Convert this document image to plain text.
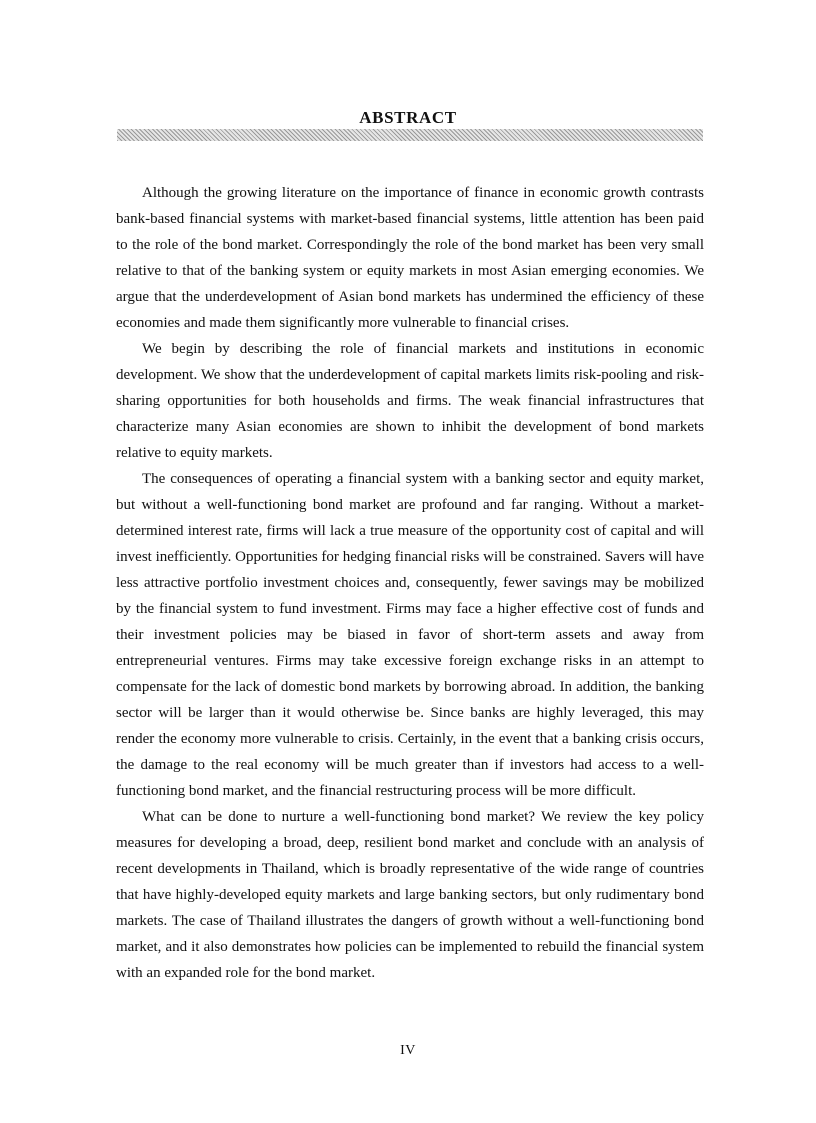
ABSTRACT

Although the growing literature on the importance of finance in economic growth contrasts bank-based financial systems with market-based financial systems, little attention has been paid to the role of the bond market. Correspondingly the role of the bond market has been very small relative to that of the banking system or equity markets in most Asian emerging economies. We argue that the underdevelopment of Asian bond markets has undermined the efficiency of these economies and made them significantly more vulnerable to financial crises.

We begin by describing the role of financial markets and institutions in economic development. We show that the underdevelopment of capital markets limits risk-pooling and risk-sharing opportunities for both households and firms. The weak financial infrastructures that characterize many Asian economies are shown to inhibit the development of bond markets relative to equity markets.

The consequences of operating a financial system with a banking sector and equity market, but without a well-functioning bond market are profound and far ranging. Without a market-determined interest rate, firms will lack a true measure of the opportunity cost of capital and will invest inefficiently. Opportunities for hedging financial risks will be constrained. Savers will have less attractive portfolio investment choices and, consequently, fewer savings may be mobilized by the financial system to fund investment. Firms may face a higher effective cost of funds and their investment policies may be biased in favor of short-term assets and away from entrepreneurial ventures. Firms may take excessive foreign exchange risks in an attempt to compensate for the lack of domestic bond markets by borrowing abroad. In addition, the banking sector will be larger than it would otherwise be. Since banks are highly leveraged, this may render the economy more vulnerable to crisis. Certainly, in the event that a banking crisis occurs, the damage to the real economy will be much greater than if investors had access to a well-functioning bond market, and the financial restructuring process will be more difficult.

What can be done to nurture a well-functioning bond market? We review the key policy measures for developing a broad, deep, resilient bond market and conclude with an analysis of recent developments in Thailand, which is broadly representative of the wide range of countries that have highly-developed equity markets and large banking sectors, but only rudimentary bond markets. The case of Thailand illustrates the dangers of growth without a well-functioning bond market, and it also demonstrates how policies can be implemented to rebuild the financial system with an expanded role for the bond market.

IV
